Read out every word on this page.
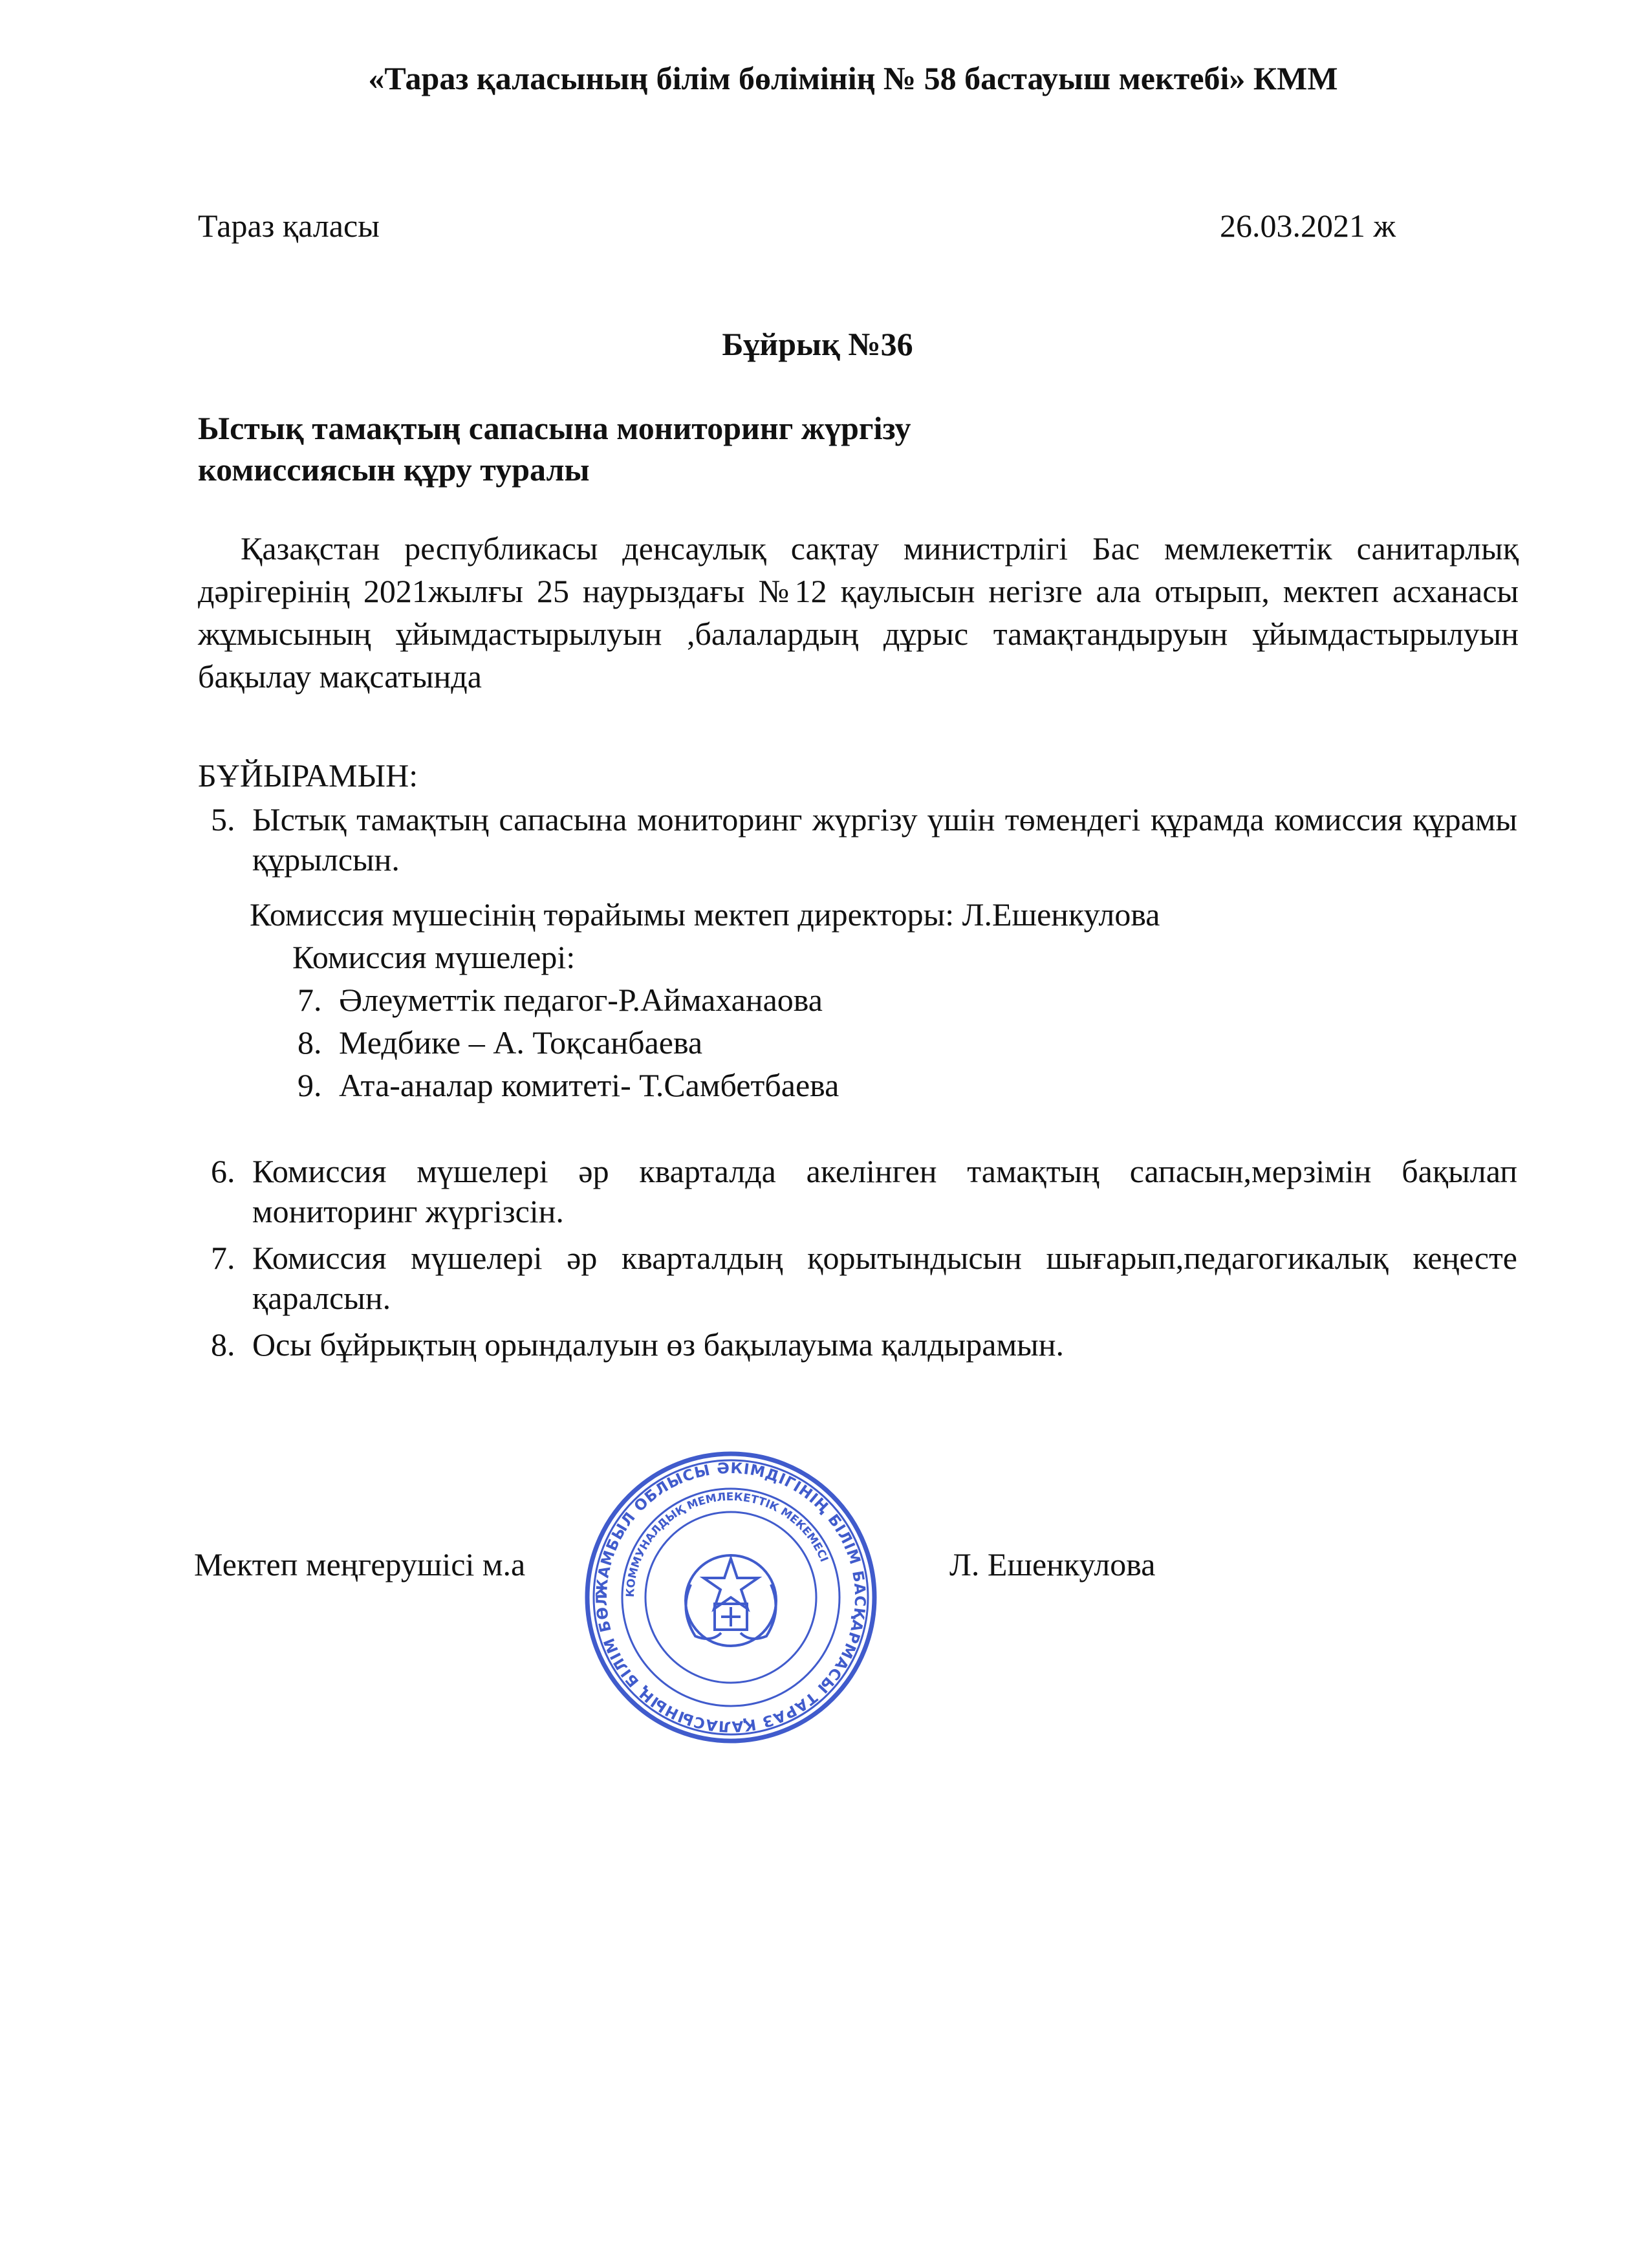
«Тараз қаласының білім бөлімінің № 58 бастауыш мектебі» КММ
Тараз қаласы	26.03.2021 ж
Бұйрық №36
Ыстық тамақтың сапасына мониторинг жүргізу
комиссиясын құру туралы
Қазақстан республикасы денсаулық сақтау министрлігі Бас мемлекеттік санитарлық дәрігерінің 2021жылғы 25 наурыздағы №12 қаулысын негізге ала отырып, мектеп асханасы жұмысының ұйымдастырылуын ,балалардың дұрыс тамақтандыруын ұйымдастырылуын бақылау мақсатында
БҰЙЫРАМЫН:
5. Ыстық тамақтың сапасына мониторинг жүргізу үшін төмендегі құрамда комиссия құрамы құрылсын.
Комиссия мүшесінің төрайымы мектеп директоры: Л.Ешенкулова
Комиссия мүшелері:
7. Әлеуметтік педагог-Р.Аймаханаова
8. Медбике – А. Тоқсанбаева
9. Ата-аналар комитеті- Т.Самбетбаева
6. Комиссия мүшелері әр кварталда акелінген тамақтың сапасын,мерзімін бақылап мониторинг жүргізсін.
7. Комиссия мүшелері әр кварталдың қорытындысын шығарып,педагогикалық кеңесте қаралсын.
8. Осы бұйрықтың орындалуын өз бақылауыма қалдырамын.
ЖАМБЫЛ ОБЛЫСЫ ӘКІМДІГІНІҢ БІЛІМ БАСҚАРМАСЫ ТАРАЗ ҚАЛАСЫНЫҢ БІЛІМ БӨЛ
КОММУНАЛДЫҚ МЕМЛЕКЕТТІК МЕКЕМЕСІ
Мектеп меңгерушісі м.а	Л. Ешенкулова
